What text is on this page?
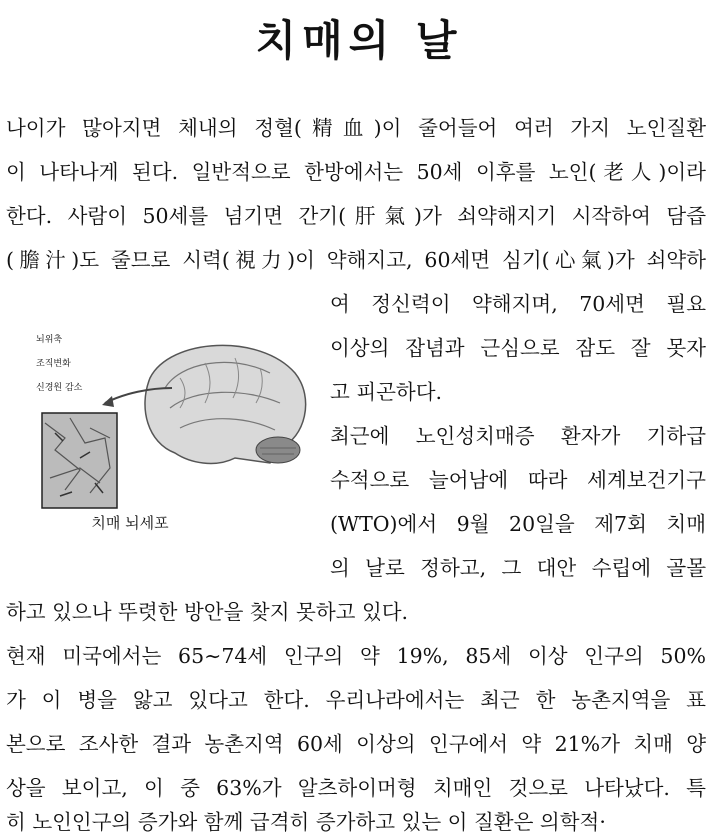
치매의 날
나이가 많아지면 체내의 정혈(精血)이 줄어들어 여러 가지 노인질환
이 나타나게 된다. 일반적으로 한방에서는 50세 이후를 노인(老人)이라
한다. 사람이 50세를 넘기면 간기(肝氣)가 쇠약해지기 시작하여 담즙
(膽汁)도 줄므로 시력(視力)이 약해지고, 60세면 심기(心氣)가 쇠약하
여 정신력이 약해지며, 70세면 필요
이상의 잡념과 근심으로 잠도 잘 못자
고 피곤하다.
최근에 노인성치매증 환자가 기하급
수적으로 늘어남에 따라 세계보건기구
(WTO)에서 9월 20일을 제7회 치매
의 날로 정하고, 그 대안 수립에 골몰
하고 있으나 뚜렷한 방안을 찾지 못하고 있다.
현재 미국에서는 65∼74세 인구의 약 19%, 85세 이상 인구의 50%
가 이 병을 앓고 있다고 한다. 우리나라에서는 최근 한 농촌지역을 표
본으로 조사한 결과 농촌지역 60세 이상의 인구에서 약 21%가 치매 양
상을 보이고, 이 중 63%가 알츠하이머형 치매인 것으로 나타났다. 특
히 노인인구의 증가와 함께 급격히 증가하고 있는 이 질환은 의학적·
뇌위축
조직변화
신경원 감소
치매 뇌세포
